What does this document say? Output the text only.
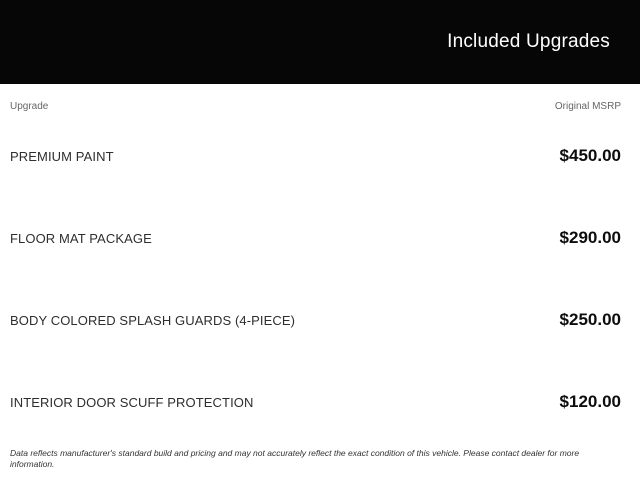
Included Upgrades
Upgrade	Original MSRP
PREMIUM PAINT	$450.00
FLOOR MAT PACKAGE	$290.00
BODY COLORED SPLASH GUARDS (4-PIECE)	$250.00
INTERIOR DOOR SCUFF PROTECTION	$120.00
Data reflects manufacturer's standard build and pricing and may not accurately reflect the exact condition of this vehicle. Please contact dealer for more information.
